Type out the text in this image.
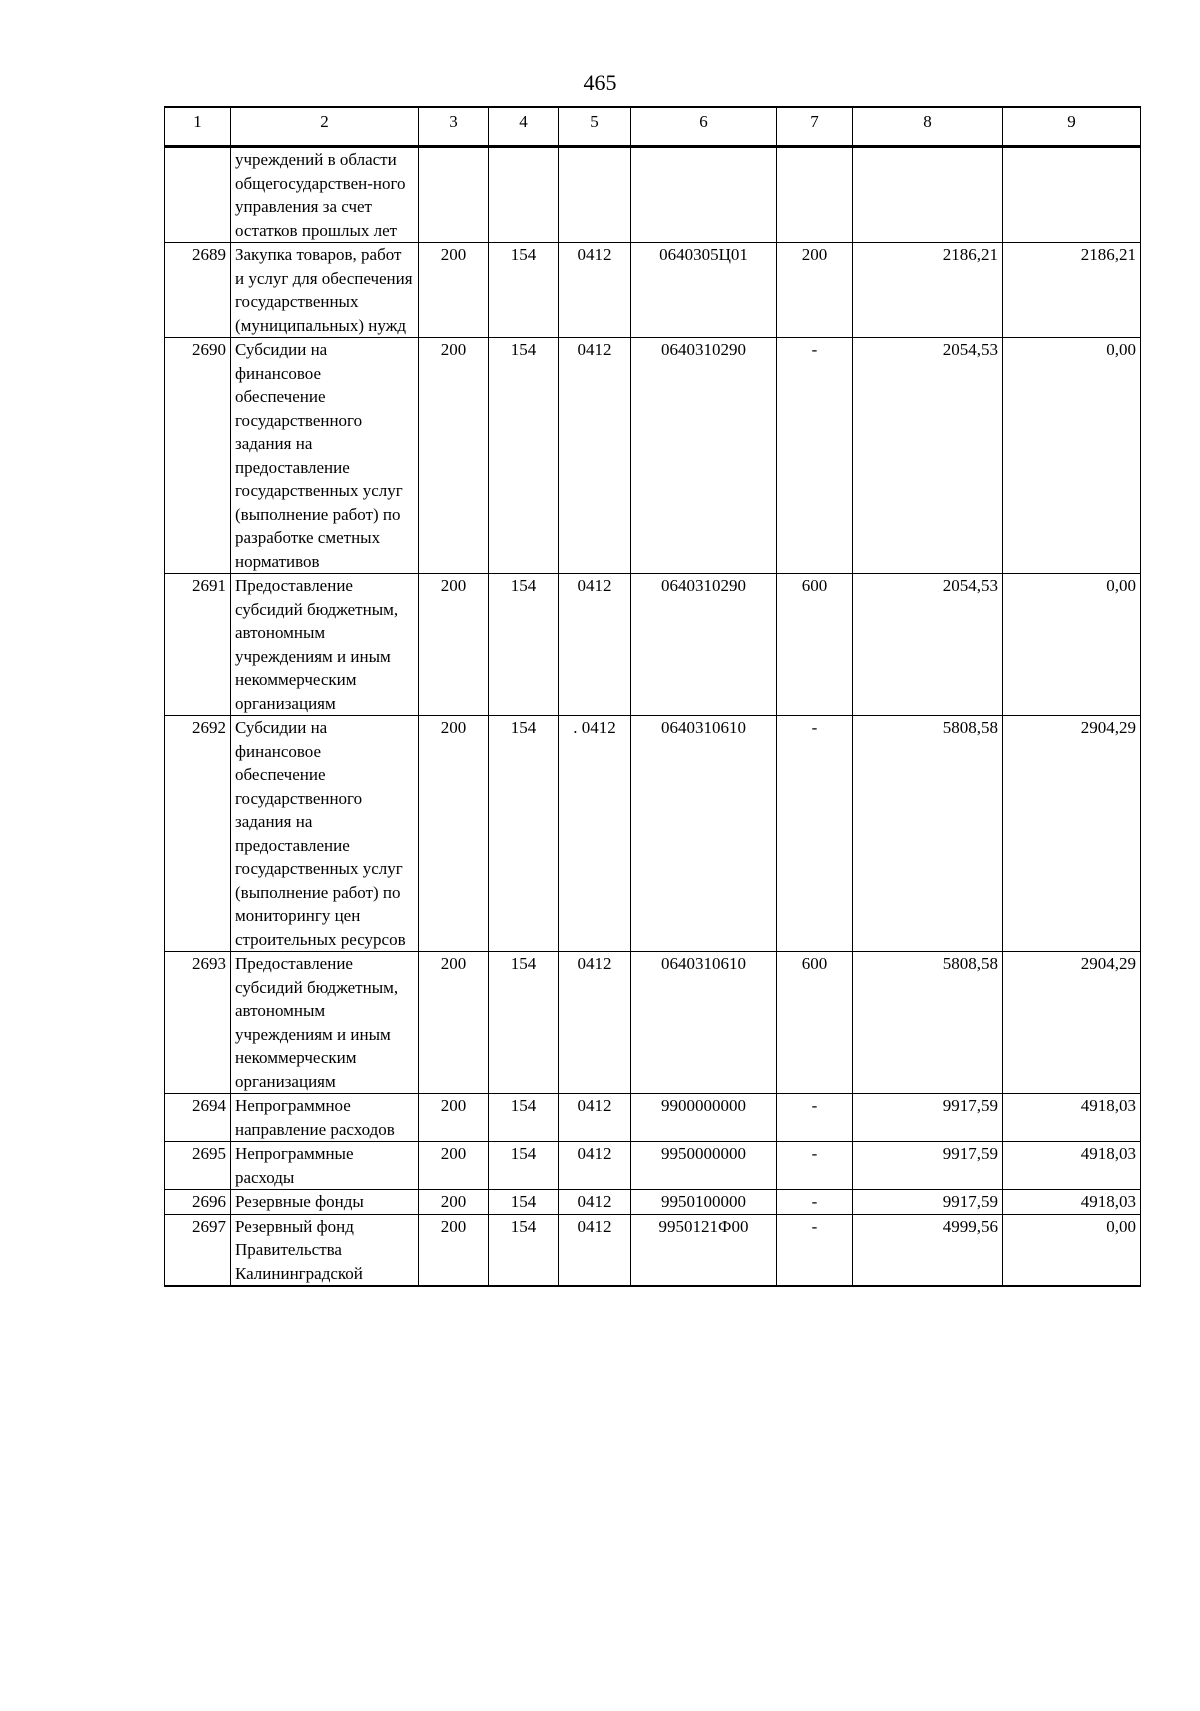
465
1	2	3	4	5	6	7	8	9
	учреждений в области общегосударствен-ного управления за счет остатков прошлых лет							
2689	Закупка товаров, работ и услуг для обеспечения государственных (муниципальных) нужд	200	154	0412	0640305Ц01	200	2186,21	2186,21
2690	Субсидии на финансовое обеспечение государственного задания на предоставление государственных услуг (выполнение работ) по разработке сметных нормативов	200	154	0412	0640310290	-	2054,53	0,00
2691	Предоставление субсидий бюджетным, автономным учреждениям и иным некоммерческим организациям	200	154	0412	0640310290	600	2054,53	0,00
2692	Субсидии на финансовое обеспечение государственного задания на предоставление государственных услуг (выполнение работ) по мониторингу цен строительных ресурсов	200	154	. 0412	0640310610	-	5808,58	2904,29
2693	Предоставление субсидий бюджетным, автономным учреждениям и иным некоммерческим организациям	200	154	0412	0640310610	600	5808,58	2904,29
2694	Непрограммное направление расходов	200	154	0412	9900000000	-	9917,59	4918,03
2695	Непрограммные расходы	200	154	0412	9950000000	-	9917,59	4918,03
2696	Резервные фонды	200	154	0412	9950100000	-	9917,59	4918,03
2697	Резервный фонд Правительства Калининградской	200	154	0412	9950121Ф00	-	4999,56	0,00
